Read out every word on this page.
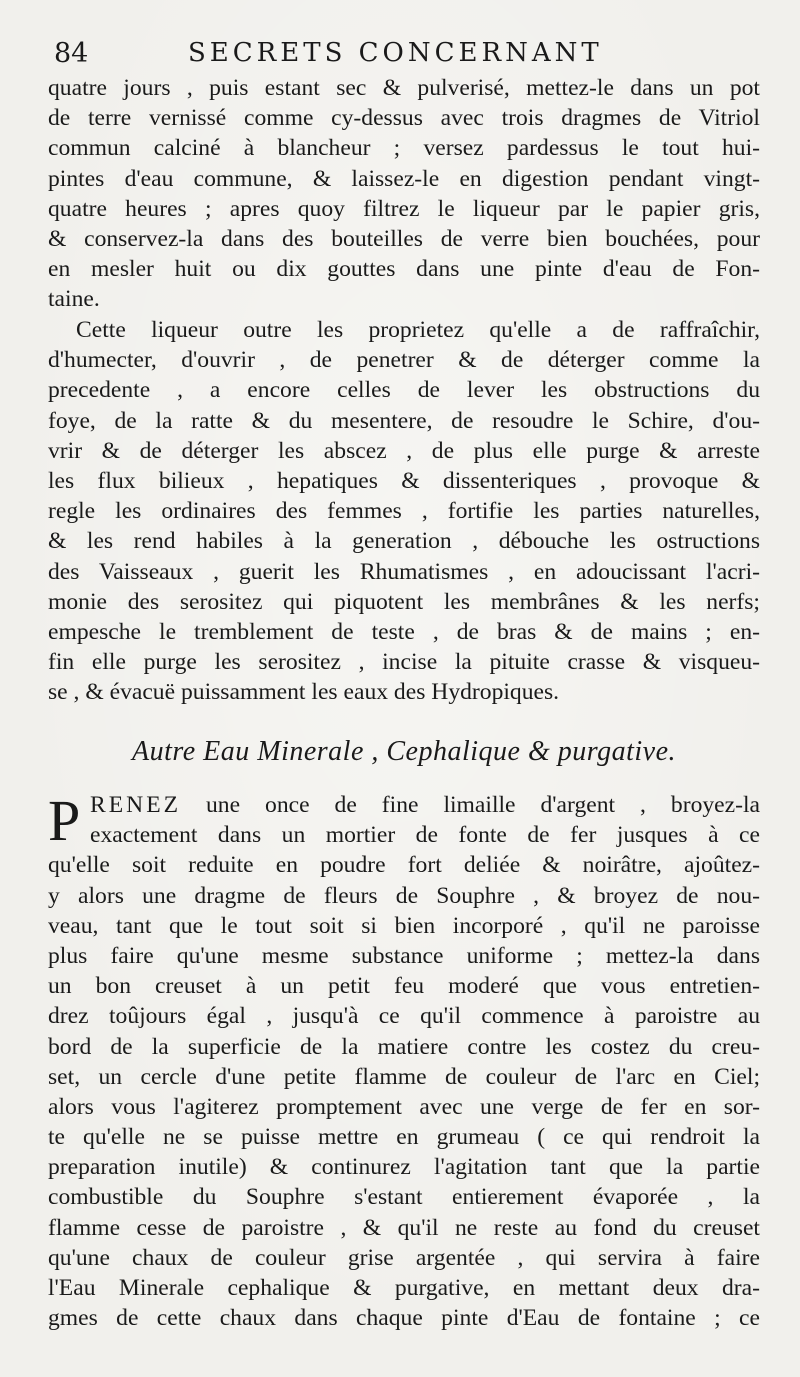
84	SECRETS CONCERNANT
quatre jours , puis estant sec & pulverisé, mettez-le dans un pot
de terre vernissé comme cy-dessus avec trois dragmes de Vitriol
commun calciné à blancheur ; versez pardessus le tout hui-
pintes d'eau commune, & laissez-le en digestion pendant vingt-
quatre heures ; apres quoy filtrez le liqueur par le papier gris,
& conservez-la dans des bouteilles de verre bien bouchées, pour
en mesler huit ou dix gouttes dans une pinte d'eau de Fon-
taine.
Cette liqueur outre les proprietez qu'elle a de raffraîchir,
d'humecter, d'ouvrir , de penetrer & de déterger comme la
precedente , a encore celles de lever les obstructions du
foye, de la ratte & du mesentere, de resoudre le Schire, d'ou-
vrir & de déterger les abscez , de plus elle purge & arreste
les flux bilieux , hepatiques & dissenteriques , provoque &
regle les ordinaires des femmes , fortifie les parties naturelles,
& les rend habiles à la generation , débouche les ostructions
des Vaisseaux , guerit les Rhumatismes , en adoucissant l'acri-
monie des serositez qui piquotent les membrânes & les nerfs;
empesche le tremblement de teste , de bras & de mains ; en-
fin elle purge les serositez , incise la pituite crasse & visqueu-
se , & évacuë puissamment les eaux des Hydropiques.
Autre Eau Minerale , Cephalique & purgative.
P RENEZ une once de fine limaille d'argent , broyez-la
exactement dans un mortier de fonte de fer jusques à ce
qu'elle soit reduite en poudre fort deliée & noirâtre, ajoûtez-
y alors une dragme de fleurs de Souphre , & broyez de nou-
veau, tant que le tout soit si bien incorporé , qu'il ne paroisse
plus faire qu'une mesme substance uniforme ; mettez-la dans
un bon creuset à un petit feu moderé que vous entretien-
drez toûjours égal , jusqu'à ce qu'il commence à paroistre au
bord de la superficie de la matiere contre les costez du creu-
set, un cercle d'une petite flamme de couleur de l'arc en Ciel;
alors vous l'agiterez promptement avec une verge de fer en sor-
te qu'elle ne se puisse mettre en grumeau ( ce qui rendroit la
preparation inutile) & continurez l'agitation tant que la partie
combustible du Souphre s'estant entierement évaporée , la
flamme cesse de paroistre , & qu'il ne reste au fond du creuset
qu'une chaux de couleur grise argentée , qui servira à faire
l'Eau Minerale cephalique & purgative, en mettant deux dra-
gmes de cette chaux dans chaque pinte d'Eau de fontaine ; ce
